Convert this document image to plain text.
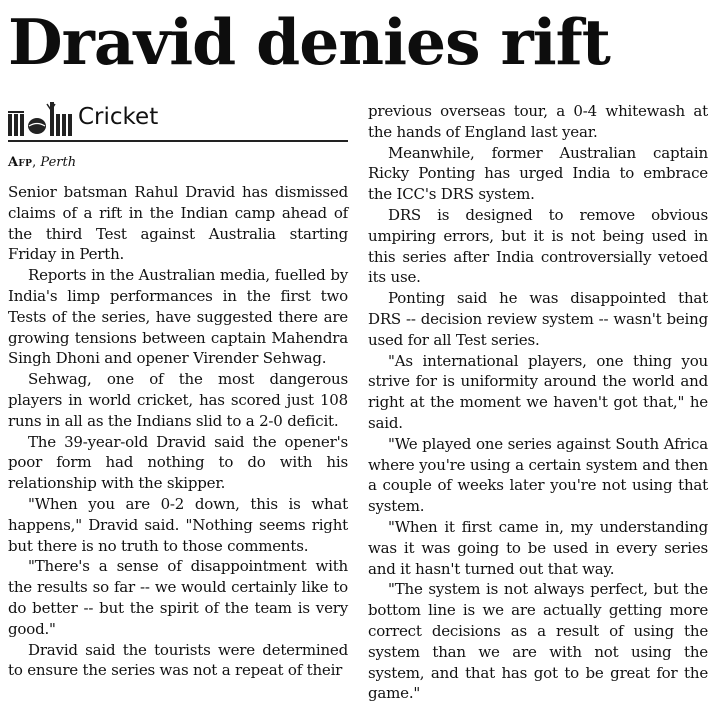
Dravid denies rift
Cricket
Afp, Perth

Senior batsman Rahul Dravid has dismissed claims of a rift in the Indian camp ahead of the third Test against Australia starting Friday in Perth.

Reports in the Australian media, fuelled by India's limp performances in the first two Tests of the series, have suggested there are growing tensions between captain Mahendra Singh Dhoni and opener Virender Sehwag.

Sehwag, one of the most dangerous players in world cricket, has scored just 108 runs in all as the Indians slid to a 2-0 deficit.

The 39-year-old Dravid said the opener's poor form had nothing to do with his relationship with the skipper.

"When you are 0-2 down, this is what happens," Dravid said. "Nothing seems right but there is no truth to those comments.

"There's a sense of disappointment with the results so far -- we would certainly like to do better -- but the spirit of the team is very good."

Dravid said the tourists were determined to ensure the series was not a repeat of their

previous overseas tour, a 0-4 whitewash at the hands of England last year.

Meanwhile, former Australian captain Ricky Ponting has urged India to embrace the ICC's DRS system.

DRS is designed to remove obvious umpiring errors, but it is not being used in this series after India controversially vetoed its use.

Ponting said he was disappointed that DRS -- decision review system -- wasn't being used for all Test series.

"As international players, one thing you strive for is uniformity around the world and right at the moment we haven't got that," he said.

"We played one series against South Africa where you're using a certain system and then a couple of weeks later you're not using that system.

"When it first came in, my understanding was it was going to be used in every series and it hasn't turned out that way.

"The system is not always perfect, but the bottom line is we are actually getting more correct decisions as a result of using the system than we are with not using the system, and that has got to be great for the game."
